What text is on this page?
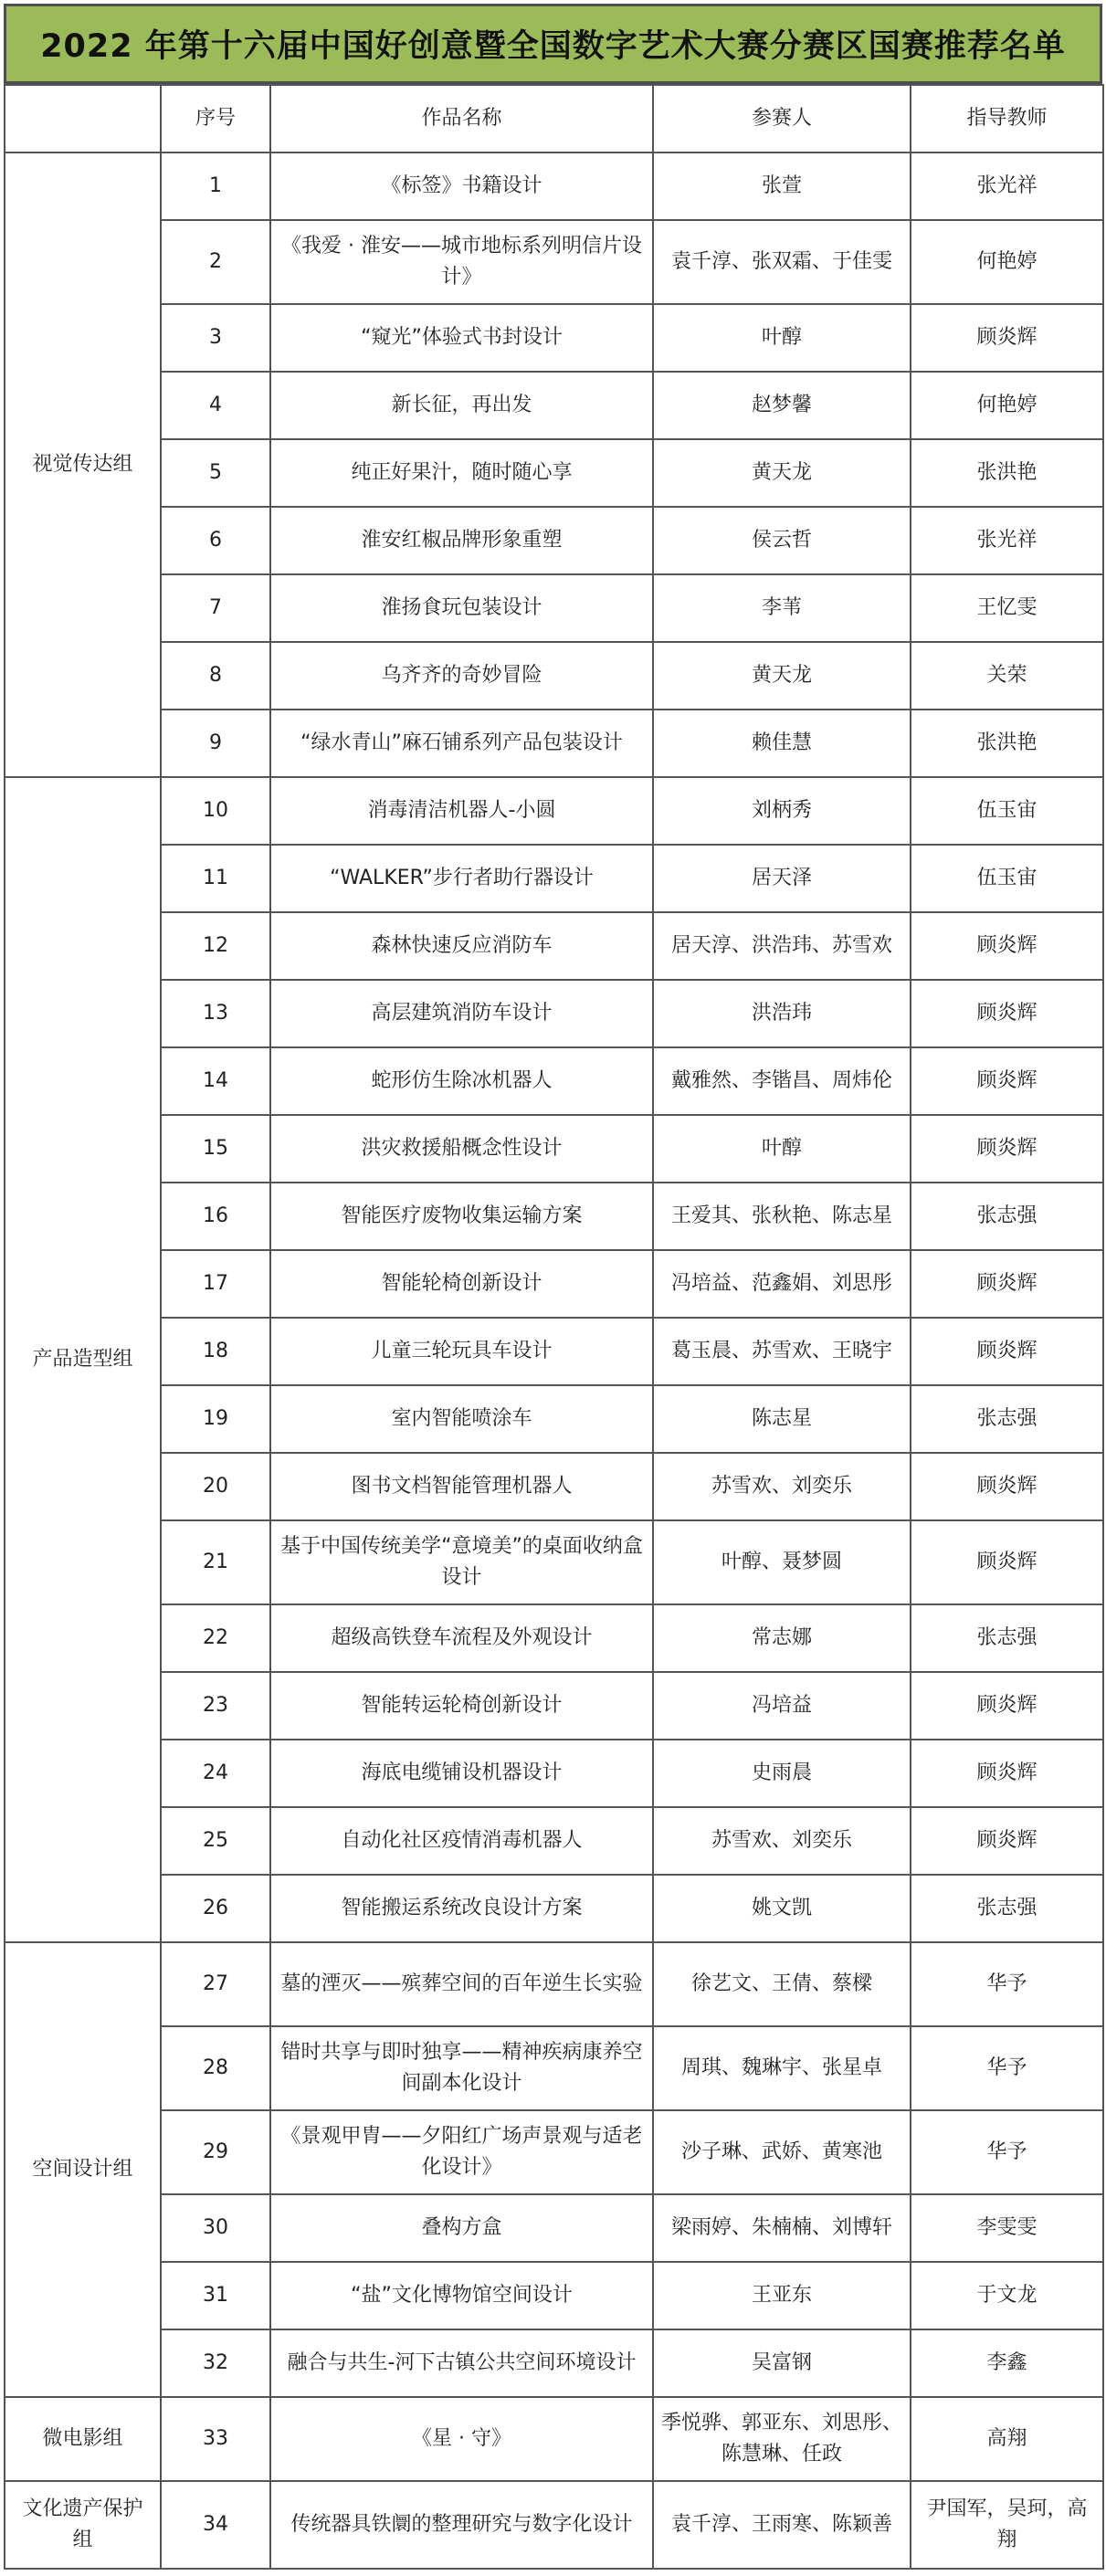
2022 年第十六届中国好创意暨全国数字艺术大赛分赛区国赛推荐名单
	序号	作品名称	参赛人	指导教师
视觉传达组	1	《标签》书籍设计	张萱	张光祥
	2	《我爱 · 淮安——城市地标系列明信片设计》	袁千淳、张双霜、于佳雯	何艳婷
	3	“窥光”体验式书封设计	叶醇	顾炎辉
	4	新长征，再出发	赵梦馨	何艳婷
	5	纯正好果汁，随时随心享	黄天龙	张洪艳
	6	淮安红椒品牌形象重塑	侯云哲	张光祥
	7	淮扬食玩包装设计	李苇	王忆雯
	8	乌齐齐的奇妙冒险	黄天龙	关荣
	9	“绿水青山”麻石铺系列产品包装设计	赖佳慧	张洪艳
产品造型组	10	消毒清洁机器人-小圆	刘柄秀	伍玉宙
	11	“WALKER”步行者助行器设计	居天泽	伍玉宙
	12	森林快速反应消防车	居天淳、洪浩玮、苏雪欢	顾炎辉
	13	高层建筑消防车设计	洪浩玮	顾炎辉
	14	蛇形仿生除冰机器人	戴雅然、李锴昌、周炜伦	顾炎辉
	15	洪灾救援船概念性设计	叶醇	顾炎辉
	16	智能医疗废物收集运输方案	王爱其、张秋艳、陈志星	张志强
	17	智能轮椅创新设计	冯培益、范鑫娟、刘思彤	顾炎辉
	18	儿童三轮玩具车设计	葛玉晨、苏雪欢、王晓宇	顾炎辉
	19	室内智能喷涂车	陈志星	张志强
	20	图书文档智能管理机器人	苏雪欢、刘奕乐	顾炎辉
	21	基于中国传统美学“意境美”的桌面收纳盒设计	叶醇、聂梦圆	顾炎辉
	22	超级高铁登车流程及外观设计	常志娜	张志强
	23	智能转运轮椅创新设计	冯培益	顾炎辉
	24	海底电缆铺设机器设计	史雨晨	顾炎辉
	25	自动化社区疫情消毒机器人	苏雪欢、刘奕乐	顾炎辉
	26	智能搬运系统改良设计方案	姚文凯	张志强
空间设计组	27	墓的湮灭——殡葬空间的百年逆生长实验	徐艺文、王倩、蔡樑	华予
	28	错时共享与即时独享——精神疾病康养空间副本化设计	周琪、魏琳宇、张星卓	华予
	29	《景观甲胄——夕阳红广场声景观与适老化设计》	沙子琳、武娇、黄寒池	华予
	30	叠构方盒	梁雨婷、朱楠楠、刘博轩	李雯雯
	31	“盐”文化博物馆空间设计	王亚东	于文龙
	32	融合与共生-河下古镇公共空间环境设计	吴富钢	李鑫
微电影组	33	《星 · 守》	季悦骅、郭亚东、刘思彤、陈慧琳、任政	高翔
文化遗产保护组	34	传统器具铁阛的整理研究与数字化设计	袁千淳、王雨寒、陈颖善	尹国军，吴珂，高翔
